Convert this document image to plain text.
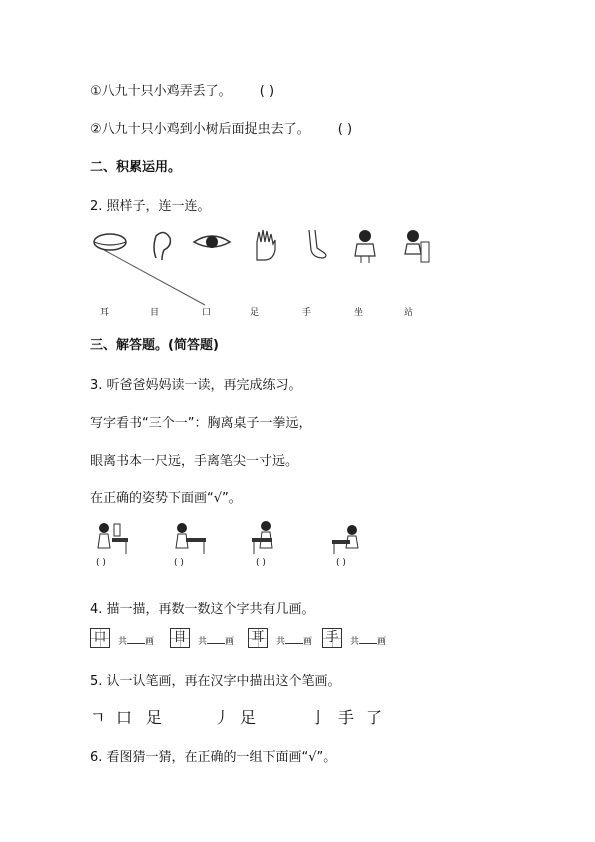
①八九十只小鸡弄丢了。 ( )
②八九十只小鸡到小树后面捉虫去了。 ( )
二、积累运用。
2. 照样子，连一连。
耳	目	口	足	手	坐	站
三、解答题。(简答题)
3. 听爸爸妈妈读一读，再完成练习。
写字看书“三个一”：胸离桌子一拳远，
眼离书本一尺远，手离笔尖一寸远。
在正确的姿势下面画“√”。
( )	( )	( )	( )
4. 描一描，再数一数这个字共有几画。
口	共 画 目	共 画 耳	共 画 手	共 画
5. 认一认笔画，再在汉字中描出这个笔画。
ㄱ 口 足	丿 足	亅 手 了
6. 看图猜一猜，在正确的一组下面画“√”。
